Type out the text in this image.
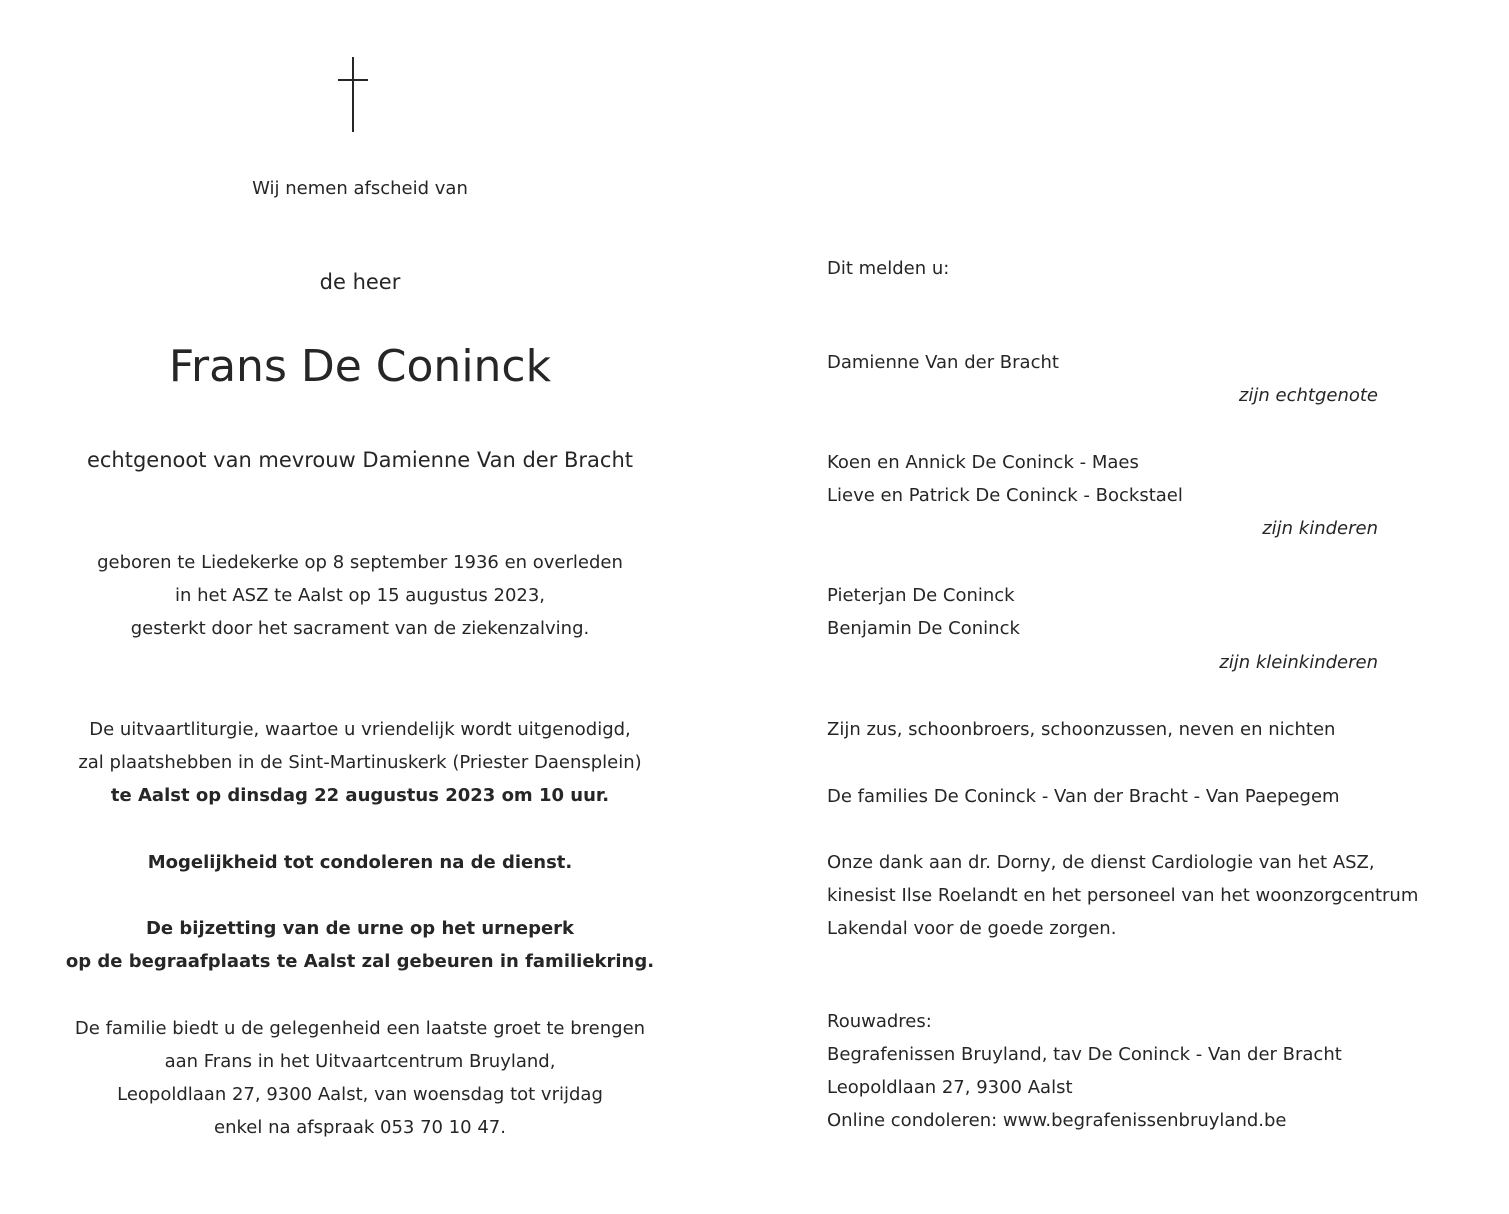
Wij nemen afscheid van
de heer
Frans De Coninck
echtgenoot van mevrouw Damienne Van der Bracht
geboren te Liedekerke op 8 september 1936 en overleden
in het ASZ te Aalst op 15 augustus 2023,
gesterkt door het sacrament van de ziekenzalving.
De uitvaartliturgie, waartoe u vriendelijk wordt uitgenodigd,
zal plaatshebben in de Sint-Martinuskerk (Priester Daensplein)
te Aalst op dinsdag 22 augustus 2023 om 10 uur.
Mogelijkheid tot condoleren na de dienst.
De bijzetting van de urne op het urneperk
op de begraafplaats te Aalst zal gebeuren in familiekring.
De familie biedt u de gelegenheid een laatste groet te brengen
aan Frans in het Uitvaartcentrum Bruyland,
Leopoldlaan 27, 9300 Aalst, van woensdag tot vrijdag
enkel na afspraak 053 70 10 47.
Dit melden u:
Damienne Van der Bracht
zijn echtgenote
Koen en Annick De Coninck - Maes
Lieve en Patrick De Coninck - Bockstael
zijn kinderen
Pieterjan De Coninck
Benjamin De Coninck
zijn kleinkinderen
Zijn zus, schoonbroers, schoonzussen, neven en nichten
De families De Coninck - Van der Bracht - Van Paepegem
Onze dank aan dr. Dorny, de dienst Cardiologie van het ASZ,
kinesist Ilse Roelandt en het personeel van het woonzorgcentrum
Lakendal voor de goede zorgen.
Rouwadres:
Begrafenissen Bruyland, tav De Coninck - Van der Bracht
Leopoldlaan 27, 9300 Aalst
Online condoleren: www.begrafenissenbruyland.be
